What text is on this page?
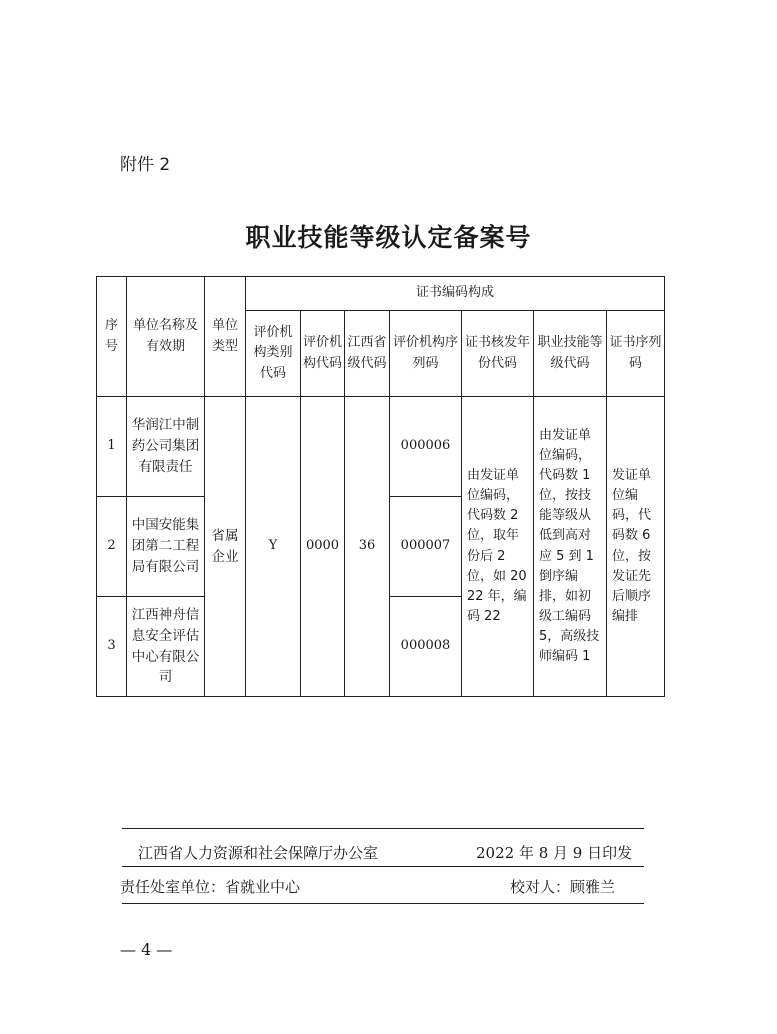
附件 2
职业技能等级认定备案号
序号	单位名称及有效期	单位类型	证书编码构成						
			评价机构类别代码	评价机构代码	江西省级代码	评价机构序列码	证书核发年份代码	职业技能等级代码	证书序列码
1	华润江中制药公司集团有限责任	省属企业	Y	0000	36	000006	由发证单位编码，代码数 2 位，取年份后 2 位，如 2022 年，编码 22	由发证单位编码，代码数 1 位，按技能等级从低到高对应 5 到 1 倒序编排，如初级工编码 5，高级技师编码 1	发证单位编码，代码数 6 位，按发证先后顺序编排
2	中国安能集团第二工程局有限公司					000007			
3	江西神舟信息安全评估中心有限公司					000008			
江西省人力资源和社会保障厅办公室	2022 年 8 月 9 日印发
责任处室单位：省就业中心	校对人：顾雅兰
— 4 —
